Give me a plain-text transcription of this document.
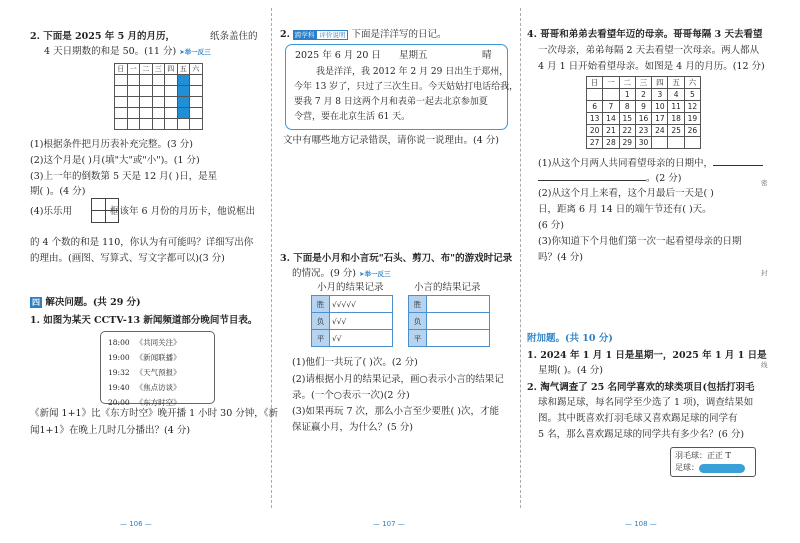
2. 下面是 2025 年 5 月的月历，	纸条盖住的
4 天日期数的和是 50。(11 分) ➤举一反三
日	一	二	三	四	五	六

(1)根据条件把月历表补充完整。(3 分)
(2)这个月是( )月(填"大"或"小")。(1 分)
(3)上一年的倒数第 5 天是 12 月( )日，是星
期( )。(4 分)
(4)乐乐用	框该年 6 月份的月历卡，他说框出
的 4 个数的和是 110，你认为有可能吗？详细写出你
的理由。(画图、写算式、写文字都可以)(3 分)
四 解决问题。(共 29 分)
1. 如图为某天 CCTV-13 新闻频道部分晚间节目表。
18:00	《共同关注》
19:00	《新闻联播》
19:32	《天气预报》
19:40	《焦点访谈》
20:00	《东方时空》
《新闻 1+1》比《东方时空》晚开播 1 小时 30 分钟，《新
闻1+1》在晚上几时几分播出？(4 分)
— 106 —
2. 跨学科 评价说明 下面是洋洋写的日记。
2025 年 6 月 20 日 星期五	晴
我是洋洋，我 2012 年 2 月 29 日出生于郑州，
今年 13 岁了，只过了三次生日。今天姑姑打电话给我，
要我 7 月 8 日这两个月和表弟一起去北京参加夏
令营，要在北京生活 61 天。
文中有哪些地方记录错误，请你说一说理由。(4 分)
3. 下面是小月和小言玩"石头、剪刀、布"的游戏时记录
的情况。(9 分) ➤举一反三
小月的结果记录	小言的结果记录
胜	√√√√√
负	√√√
平	√√
胜	
负	
平	
(1)他们一共玩了( )次。(2 分)
(2)请根据小月的结果记录，画○表示小言的结果记
录。(一个○表示一次)(2 分)
(3)如果再玩 7 次，那么小言至少要胜( )次，才能
保证赢小月，为什么？(5 分)
— 107 —
4. 哥哥和弟弟去看望年迈的母亲。哥哥每隔 3 天去看望
一次母亲，弟弟每隔 2 天去看望一次母亲。两人都从
4 月 1 日开始看望母亲。如图是 4 月的月历。(12 分)
日	一	二	三	四	五	六
		1	2	3	4	5
6	7	8	9	10	11	12
13	14	15	16	17	18	19
20	21	22	23	24	25	26
27	28	29	30			
(1)从这个月两人共同看望母亲的日期中，
。(2 分)
(2)从这个月上来看，这个月最后一天是( )
日，距离 6 月 14 日的端午节还有( )天。
(6 分)
(3)你知道下个月他们第一次一起看望母亲的日期
吗？(4 分)
附加题。(共 10 分)
1. 2024 年 1 月 1 日是星期一，2025 年 1 月 1 日是
星期( )。(4 分)
2. 淘气调查了 25 名同学喜欢的球类项目(包括打羽毛
球和踢足球，每名同学至少选了 1 项)，调查结果如
图。其中既喜欢打羽毛球又喜欢踢足球的同学有
5 名，那么喜欢踢足球的同学共有多少名？(6 分)
羽毛球：正正 T
足球：
— 108 —
密
封
线
